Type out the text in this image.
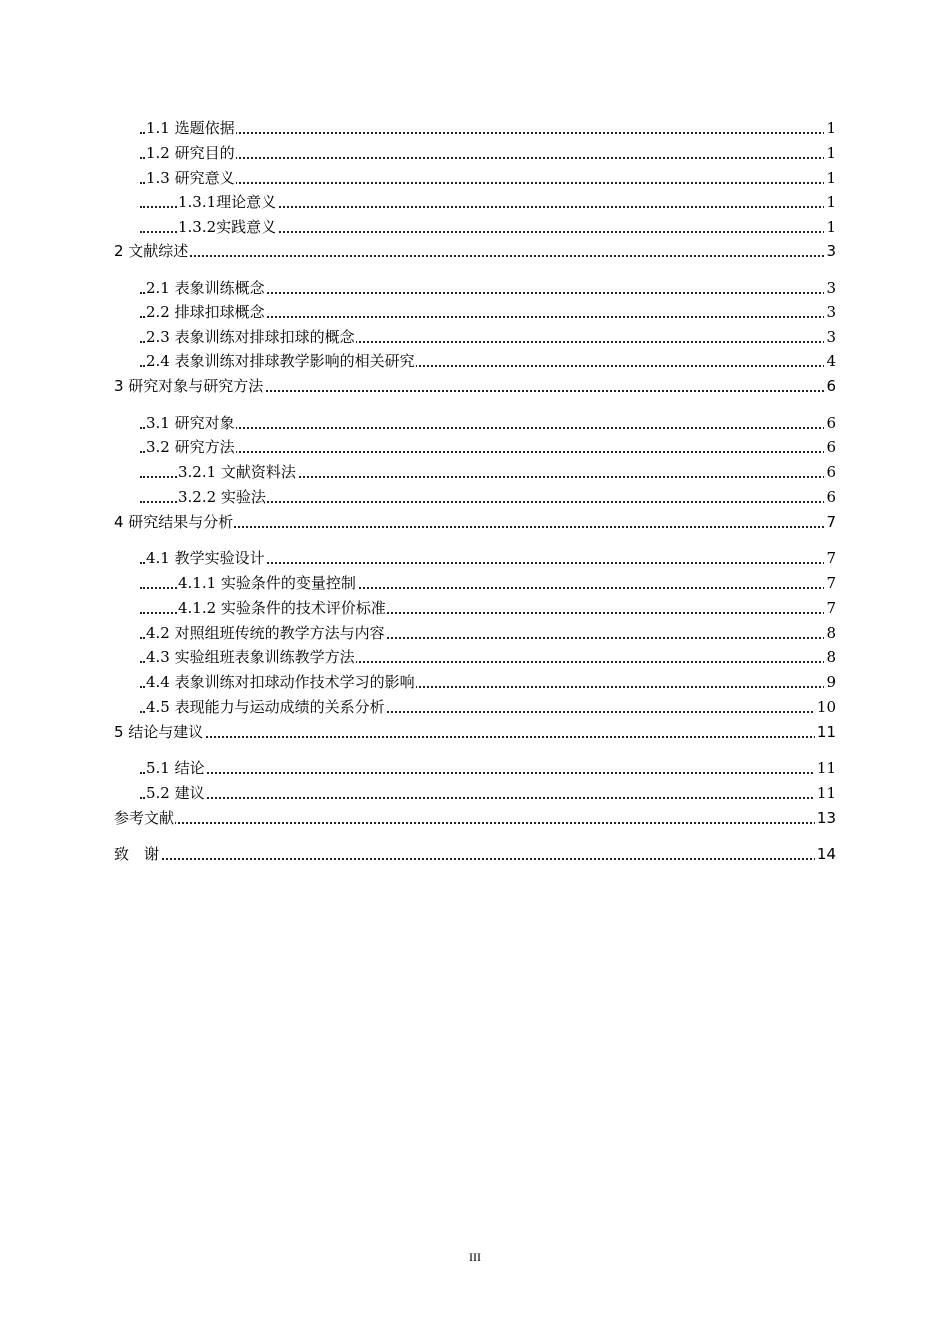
1.1 选题依据	1
1.2 研究目的	1
1.3 研究意义	1
1.3.1理论意义	1
1.3.2实践意义	1
2 文献综述	3
2.1 表象训练概念	3
2.2 排球扣球概念	3
2.3 表象训练对排球扣球的概念	3
2.4 表象训练对排球教学影响的相关研究	4
3 研究对象与研究方法	6
3.1 研究对象	6
3.2 研究方法	6
3.2.1 文献资料法	6
3.2.2 实验法	6
4 研究结果与分析	7
4.1 教学实验设计	7
4.1.1 实验条件的变量控制	7
4.1.2 实验条件的技术评价标准	7
4.2 对照组班传统的教学方法与内容	8
4.3 实验组班表象训练教学方法	8
4.4 表象训练对扣球动作技术学习的影响	9
4.5 表现能力与运动成绩的关系分析	10
5 结论与建议	11
5.1 结论	11
5.2 建议	11
参考文献	13
致　谢	14
III
